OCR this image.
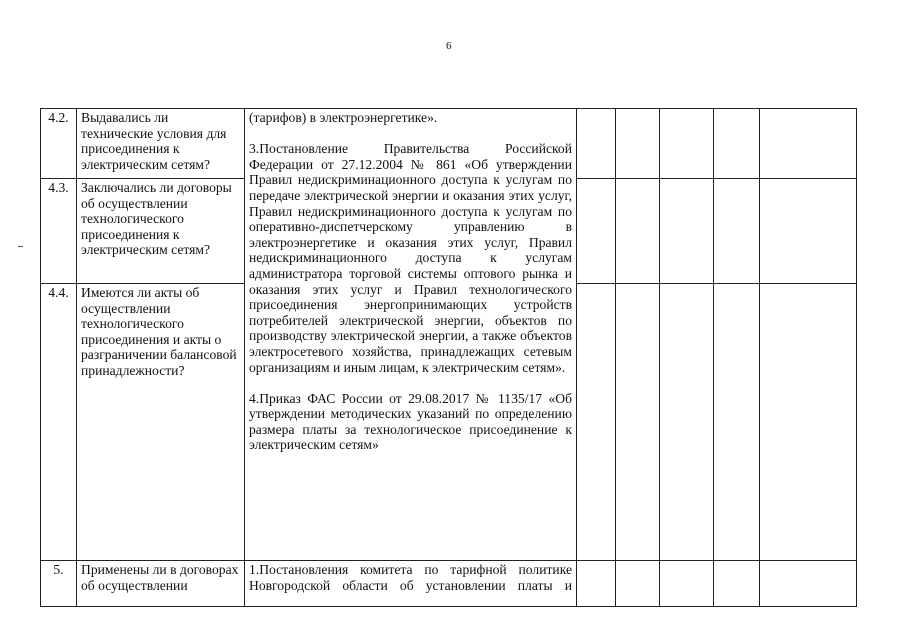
6
4.2.	Выдавались ли технические условия для присоединения к электрическим сетям?	(тарифов) в электроэнергетике».

3.Постановление Правительства Российской Федерации от 27.12.2004 № 861 «Об утверждении Правил недискриминационного доступа к услугам по передаче электрической энергии и оказания этих услуг, Правил недискриминационного доступа к услугам по оперативно-диспетчерскому управлению в электроэнергетике и оказания этих услуг, Правил недискриминационного доступа к услугам администратора торговой системы оптового рынка и оказания этих услуг и Правил технологического присоединения энергопринимающих устройств потребителей электрической энергии, объектов по производству электрической энергии, а также объектов электросетевого хозяйства, принадлежащих сетевым организациям и иным лицам, к электрическим сетям».

4.Приказ ФАС России от 29.08.2017 № 1135/17 «Об утверждении методических указаний по определению размера платы за технологическое присоединение к электрическим сетям»					

4.3.	Заключались ли договоры об осуществлении технологического присоединения к электрическим сетям?						
4.4.	Имеются ли акты об осуществлении технологического присоединения и акты о разграничении балансовой принадлежности?						
5.	Применены ли в договорах об осуществлении	1.Постановления комитета по тарифной политике Новгородской области об установлении платы и					
